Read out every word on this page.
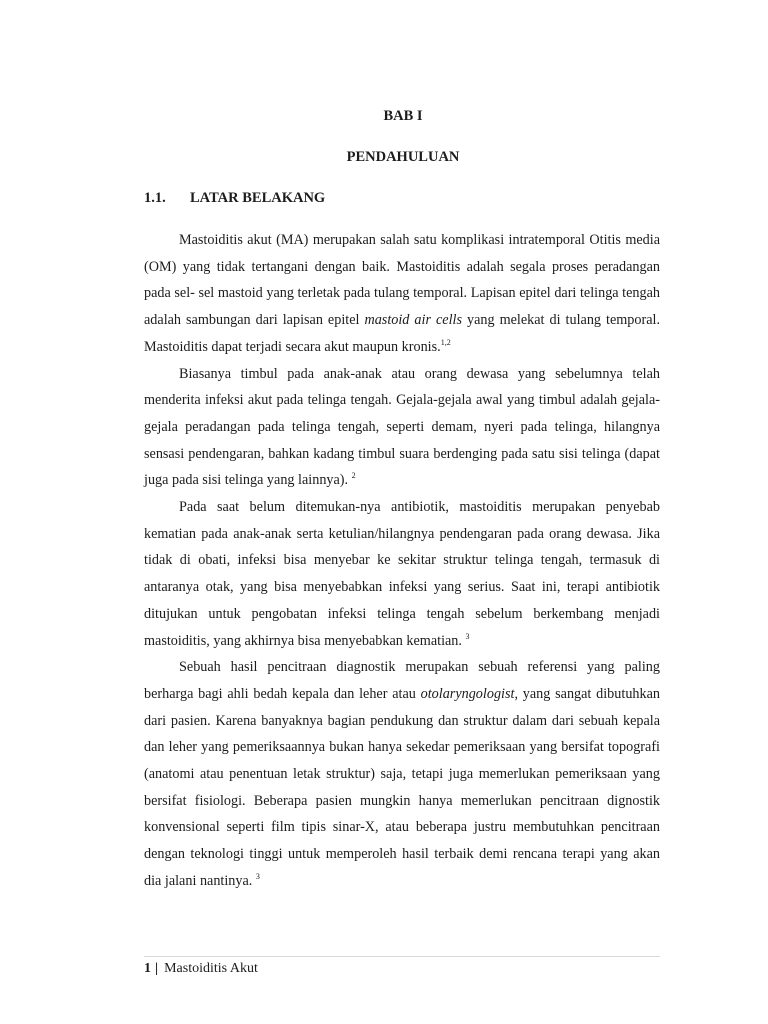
BAB I
PENDAHULUAN
1.1. LATAR BELAKANG

Mastoiditis akut (MA) merupakan salah satu komplikasi intratemporal Otitis media (OM) yang tidak tertangani dengan baik. Mastoiditis adalah segala proses peradangan pada sel- sel mastoid yang terletak pada tulang temporal. Lapisan epitel dari telinga tengah adalah sambungan dari lapisan epitel mastoid air cells yang melekat di tulang temporal. Mastoiditis dapat terjadi secara akut maupun kronis.$^{1,2}$

Biasanya timbul pada anak-anak atau orang dewasa yang sebelumnya telah menderita infeksi akut pada telinga tengah. Gejala-gejala awal yang timbul adalah gejala-gejala peradangan pada telinga tengah, seperti demam, nyeri pada telinga, hilangnya sensasi pendengaran, bahkan kadang timbul suara berdenging pada satu sisi telinga (dapat juga pada sisi telinga yang lainnya). $^2$

Pada saat belum ditemukan-nya antibiotik, mastoiditis merupakan penyebab kematian pada anak-anak serta ketulian/hilangnya pendengaran pada orang dewasa. Jika tidak di obati, infeksi bisa menyebar ke sekitar struktur telinga tengah, termasuk di antaranya otak, yang bisa menyebabkan infeksi yang serius. Saat ini, terapi antibiotik ditujukan untuk pengobatan infeksi telinga tengah sebelum berkembang menjadi mastoiditis, yang akhirnya bisa menyebabkan kematian. $^3$

Sebuah hasil pencitraan diagnostik merupakan sebuah referensi yang paling berharga bagi ahli bedah kepala dan leher atau otolaryngologist, yang sangat dibutuhkan dari pasien. Karena banyaknya bagian pendukung dan struktur dalam dari sebuah kepala dan leher yang pemeriksaannya bukan hanya sekedar pemeriksaan yang bersifat topografi (anatomi atau penentuan letak struktur) saja, tetapi juga memerlukan pemeriksaan yang bersifat fisiologi. Beberapa pasien mungkin hanya memerlukan pencitraan dignostik konvensional seperti film tipis sinar-X, atau beberapa justru membutuhkan pencitraan dengan teknologi tinggi untuk memperoleh hasil terbaik demi rencana terapi yang akan dia jalani nantinya. $^3$

1 | Mastoiditis Akut
